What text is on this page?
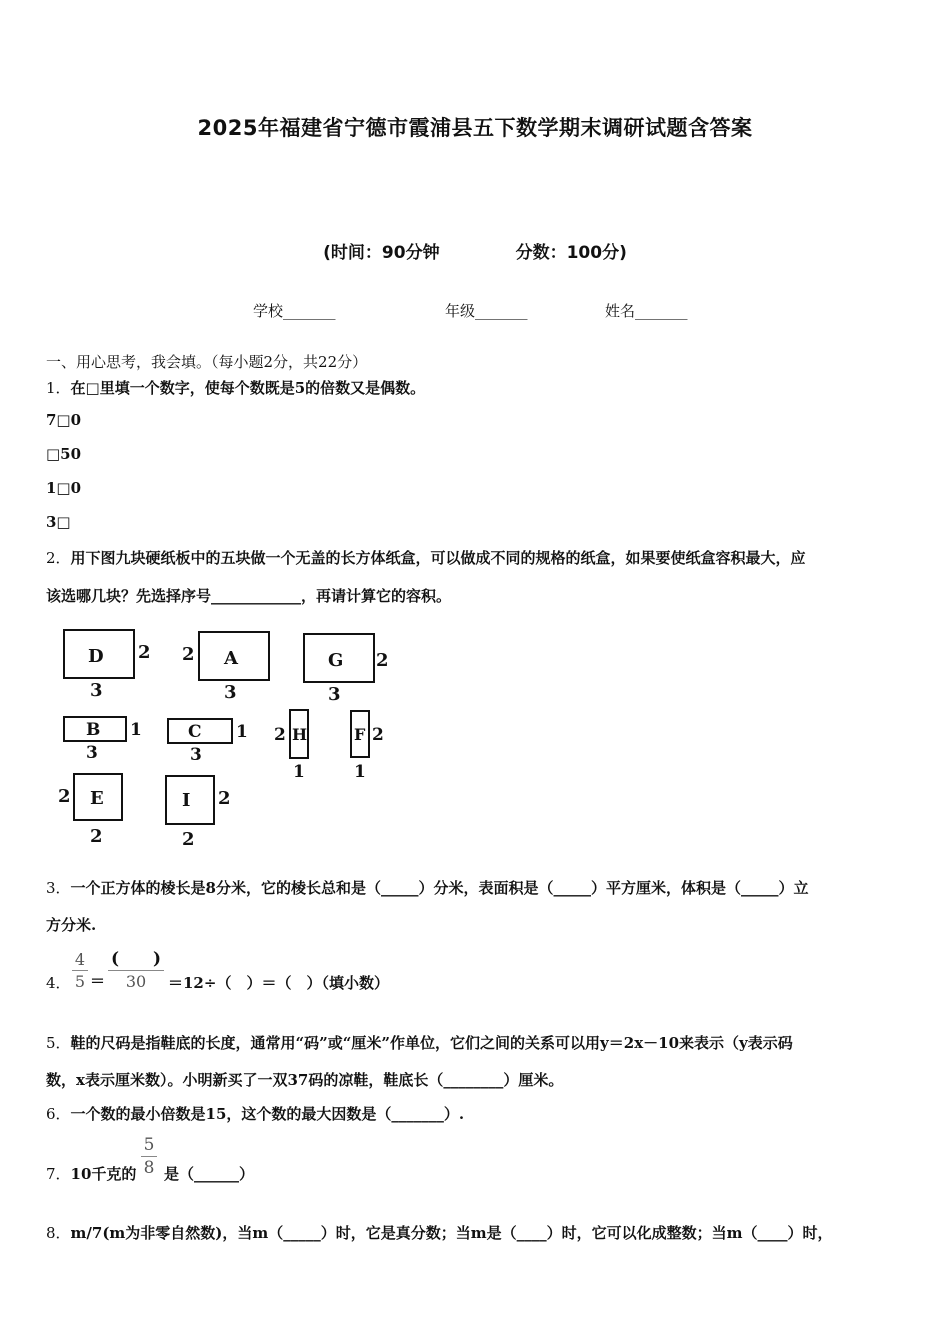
2025年福建省宁德市霞浦县五下数学期末调研试题含答案
(时间：90分钟	分数：100分)
学校_______	年级_______	姓名_______
一、用心思考，我会填。（每小题2分，共22分）
1．在□里填一个数字，使每个数既是5的倍数又是偶数。
7□0
□50
1□0
3□
2．用下图九块硬纸板中的五块做一个无盖的长方体纸盒，可以做成不同的规格的纸盒，如果要使纸盒容积最大，应
该选哪几块？先选择序号____________，再请计算它的容积。
D 2
3
A
2
3
G 2
3
B 1
3
C 1
3
H
2
1
F 2
1
E
2
2
I 2
2
3．一个正方体的棱长是8分米，它的棱长总和是（_____）分米，表面积是（_____）平方厘米，体积是（_____）立
方分米.
4．
4
5 ＝
(　　)
30	＝12÷（　）＝（　）（填小数）
5．鞋的尺码是指鞋底的长度，通常用“码”或“厘米”作单位，它们之间的关系可以用y＝2x－10来表示（y表示码
数，x表示厘米数）。小明新买了一双37码的凉鞋，鞋底长（________）厘米。
6．一个数的最小倍数是15，这个数的最大因数是（_______）.
7．10千克的
5
8 是（______）
8．m/7(m为非零自然数)，当m（_____）时，它是真分数；当m是（____）时，它可以化成整数；当m（____）时，
